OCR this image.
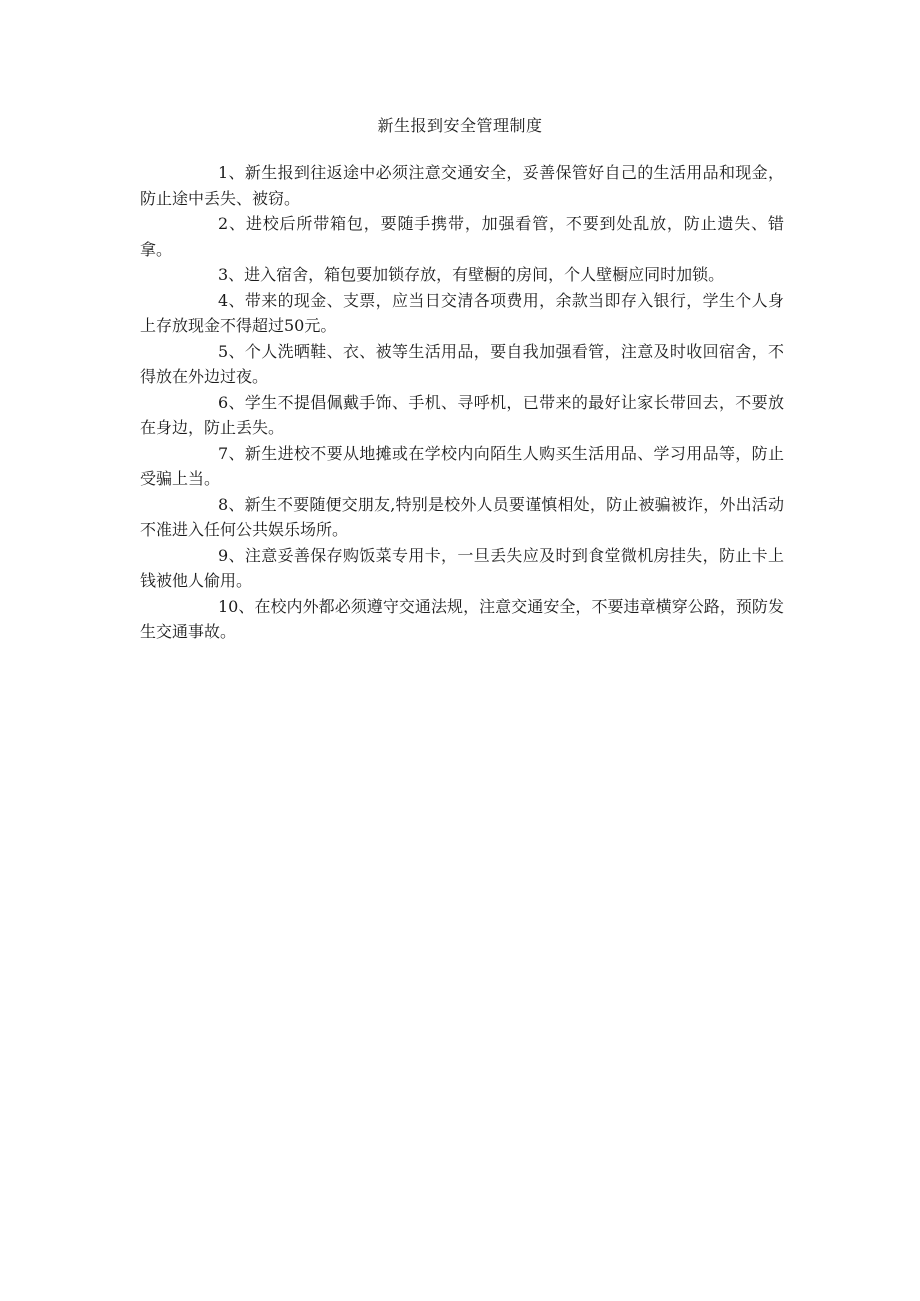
新生报到安全管理制度

1、新生报到往返途中必须注意交通安全，妥善保管好自己的生活用品和现金，防止途中丢失、被窃。

2、进校后所带箱包，要随手携带，加强看管，不要到处乱放，防止遗失、错拿。

3、进入宿舍，箱包要加锁存放，有壁橱的房间，个人壁橱应同时加锁。

4、带来的现金、支票，应当日交清各项费用，余款当即存入银行，学生个人身上存放现金不得超过50元。

5、个人洗晒鞋、衣、被等生活用品，要自我加强看管，注意及时收回宿舍，不得放在外边过夜。

6、学生不提倡佩戴手饰、手机、寻呼机，已带来的最好让家长带回去，不要放在身边，防止丢失。

7、新生进校不要从地摊或在学校内向陌生人购买生活用品、学习用品等，防止受骗上当。

8、新生不要随便交朋友,特别是校外人员要谨慎相处，防止被骗被诈，外出活动不准进入任何公共娱乐场所。

9、注意妥善保存购饭菜专用卡，一旦丢失应及时到食堂微机房挂失，防止卡上钱被他人偷用。

10、在校内外都必须遵守交通法规，注意交通安全，不要违章横穿公路，预防发生交通事故。
